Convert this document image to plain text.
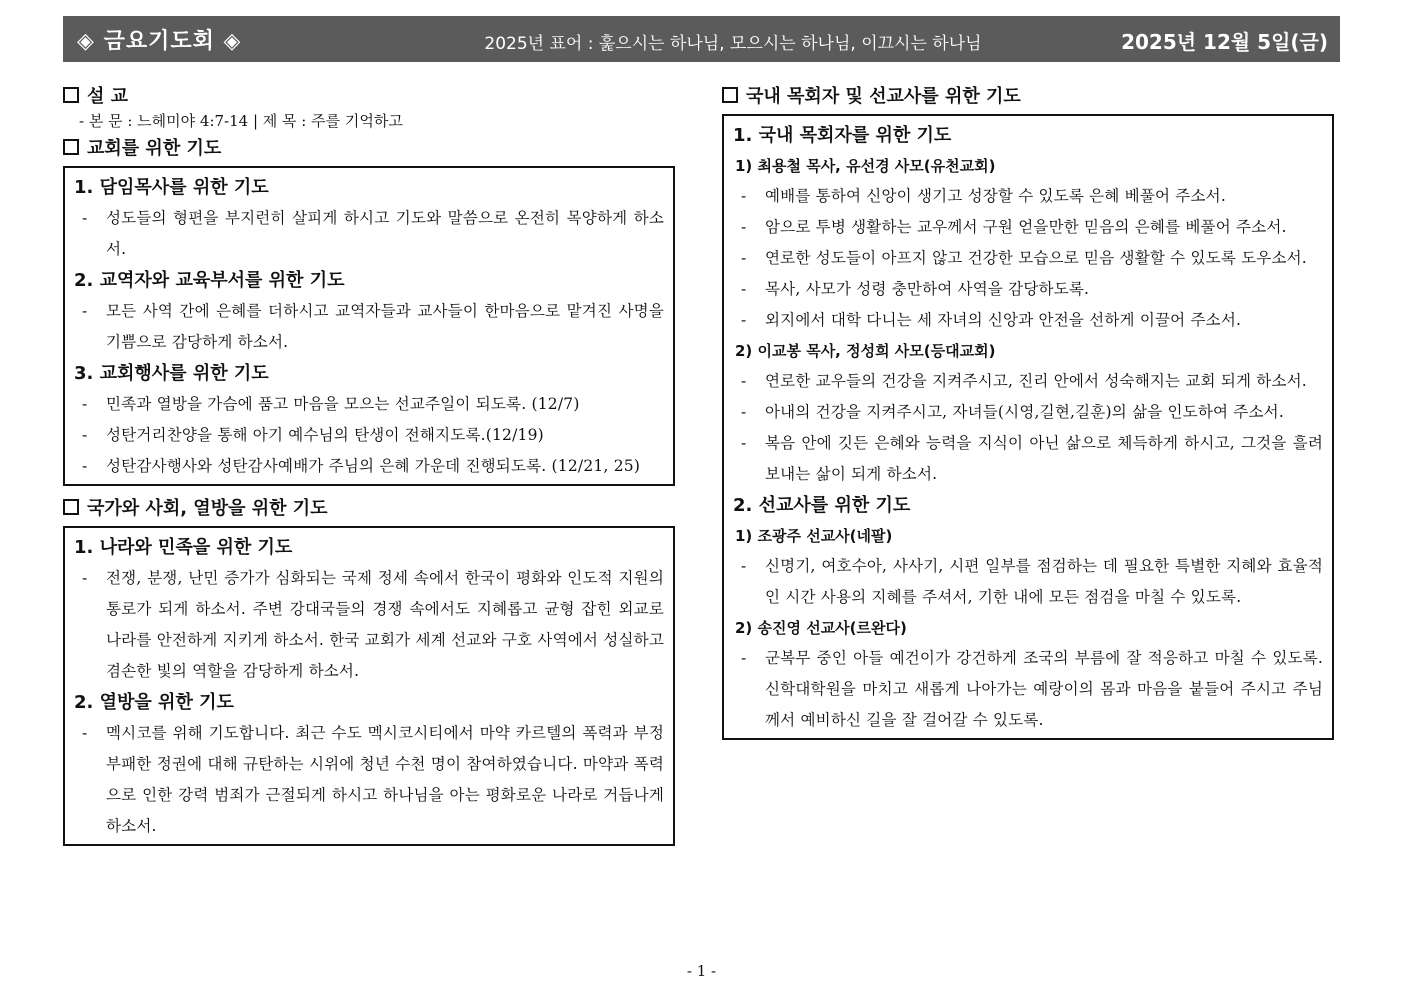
◈ 금요기도회 ◈	2025년 표어 : 훑으시는 하나님, 모으시는 하나님, 이끄시는 하나님	2025년 12월 5일(금)
설 교
- 본 문 : 느헤미야 4:7-14 | 제 목 : 주를 기억하고
교회를 위한 기도
1. 담임목사를 위한 기도
- 성도들의 형편을 부지런히 살피게 하시고 기도와 말씀으로 온전히 목양하게 하소서.
2. 교역자와 교육부서를 위한 기도
- 모든 사역 간에 은혜를 더하시고 교역자들과 교사들이 한마음으로 맡겨진 사명을 기쁨으로 감당하게 하소서.
3. 교회행사를 위한 기도
- 민족과 열방을 가슴에 품고 마음을 모으는 선교주일이 되도록. (12/7)
- 성탄거리찬양을 통해 아기 예수님의 탄생이 전해지도록.(12/19)
- 성탄감사행사와 성탄감사예배가 주님의 은혜 가운데 진행되도록. (12/21, 25)
국가와 사회, 열방을 위한 기도
1. 나라와 민족을 위한 기도
- 전쟁, 분쟁, 난민 증가가 심화되는 국제 정세 속에서 한국이 평화와 인도적 지원의 통로가 되게 하소서. 주변 강대국들의 경쟁 속에서도 지혜롭고 균형 잡힌 외교로 나라를 안전하게 지키게 하소서. 한국 교회가 세계 선교와 구호 사역에서 성실하고 겸손한 빛의 역할을 감당하게 하소서.
2. 열방을 위한 기도
- 멕시코를 위해 기도합니다. 최근 수도 멕시코시티에서 마약 카르텔의 폭력과 부정부패한 정권에 대해 규탄하는 시위에 청년 수천 명이 참여하였습니다. 마약과 폭력으로 인한 강력 범죄가 근절되게 하시고 하나님을 아는 평화로운 나라로 거듭나게 하소서.
국내 목회자 및 선교사를 위한 기도
1. 국내 목회자를 위한 기도
1) 최용철 목사, 유선경 사모(유천교회)
- 예배를 통하여 신앙이 생기고 성장할 수 있도록 은혜 베풀어 주소서.
- 암으로 투병 생활하는 교우께서 구원 얻을만한 믿음의 은혜를 베풀어 주소서.
- 연로한 성도들이 아프지 않고 건강한 모습으로 믿음 생활할 수 있도록 도우소서.
- 목사, 사모가 성령 충만하여 사역을 감당하도록.
- 외지에서 대학 다니는 세 자녀의 신앙과 안전을 선하게 이끌어 주소서.
2) 이교봉 목사, 정성희 사모(등대교회)
- 연로한 교우들의 건강을 지켜주시고, 진리 안에서 성숙해지는 교회 되게 하소서.
- 아내의 건강을 지켜주시고, 자녀들(시영,길현,길훈)의 삶을 인도하여 주소서.
- 복음 안에 깃든 은혜와 능력을 지식이 아닌 삶으로 체득하게 하시고, 그것을 흘려보내는 삶이 되게 하소서.
2. 선교사를 위한 기도
1) 조광주 선교사(네팔)
- 신명기, 여호수아, 사사기, 시편 일부를 점검하는 데 필요한 특별한 지혜와 효율적인 시간 사용의 지혜를 주셔서, 기한 내에 모든 점검을 마칠 수 있도록.
2) 송진영 선교사(르완다)
- 군복무 중인 아들 예건이가 강건하게 조국의 부름에 잘 적응하고 마칠 수 있도록. 신학대학원을 마치고 새롭게 나아가는 예랑이의 몸과 마음을 붙들어 주시고 주님께서 예비하신 길을 잘 걸어갈 수 있도록.
- 1 -
